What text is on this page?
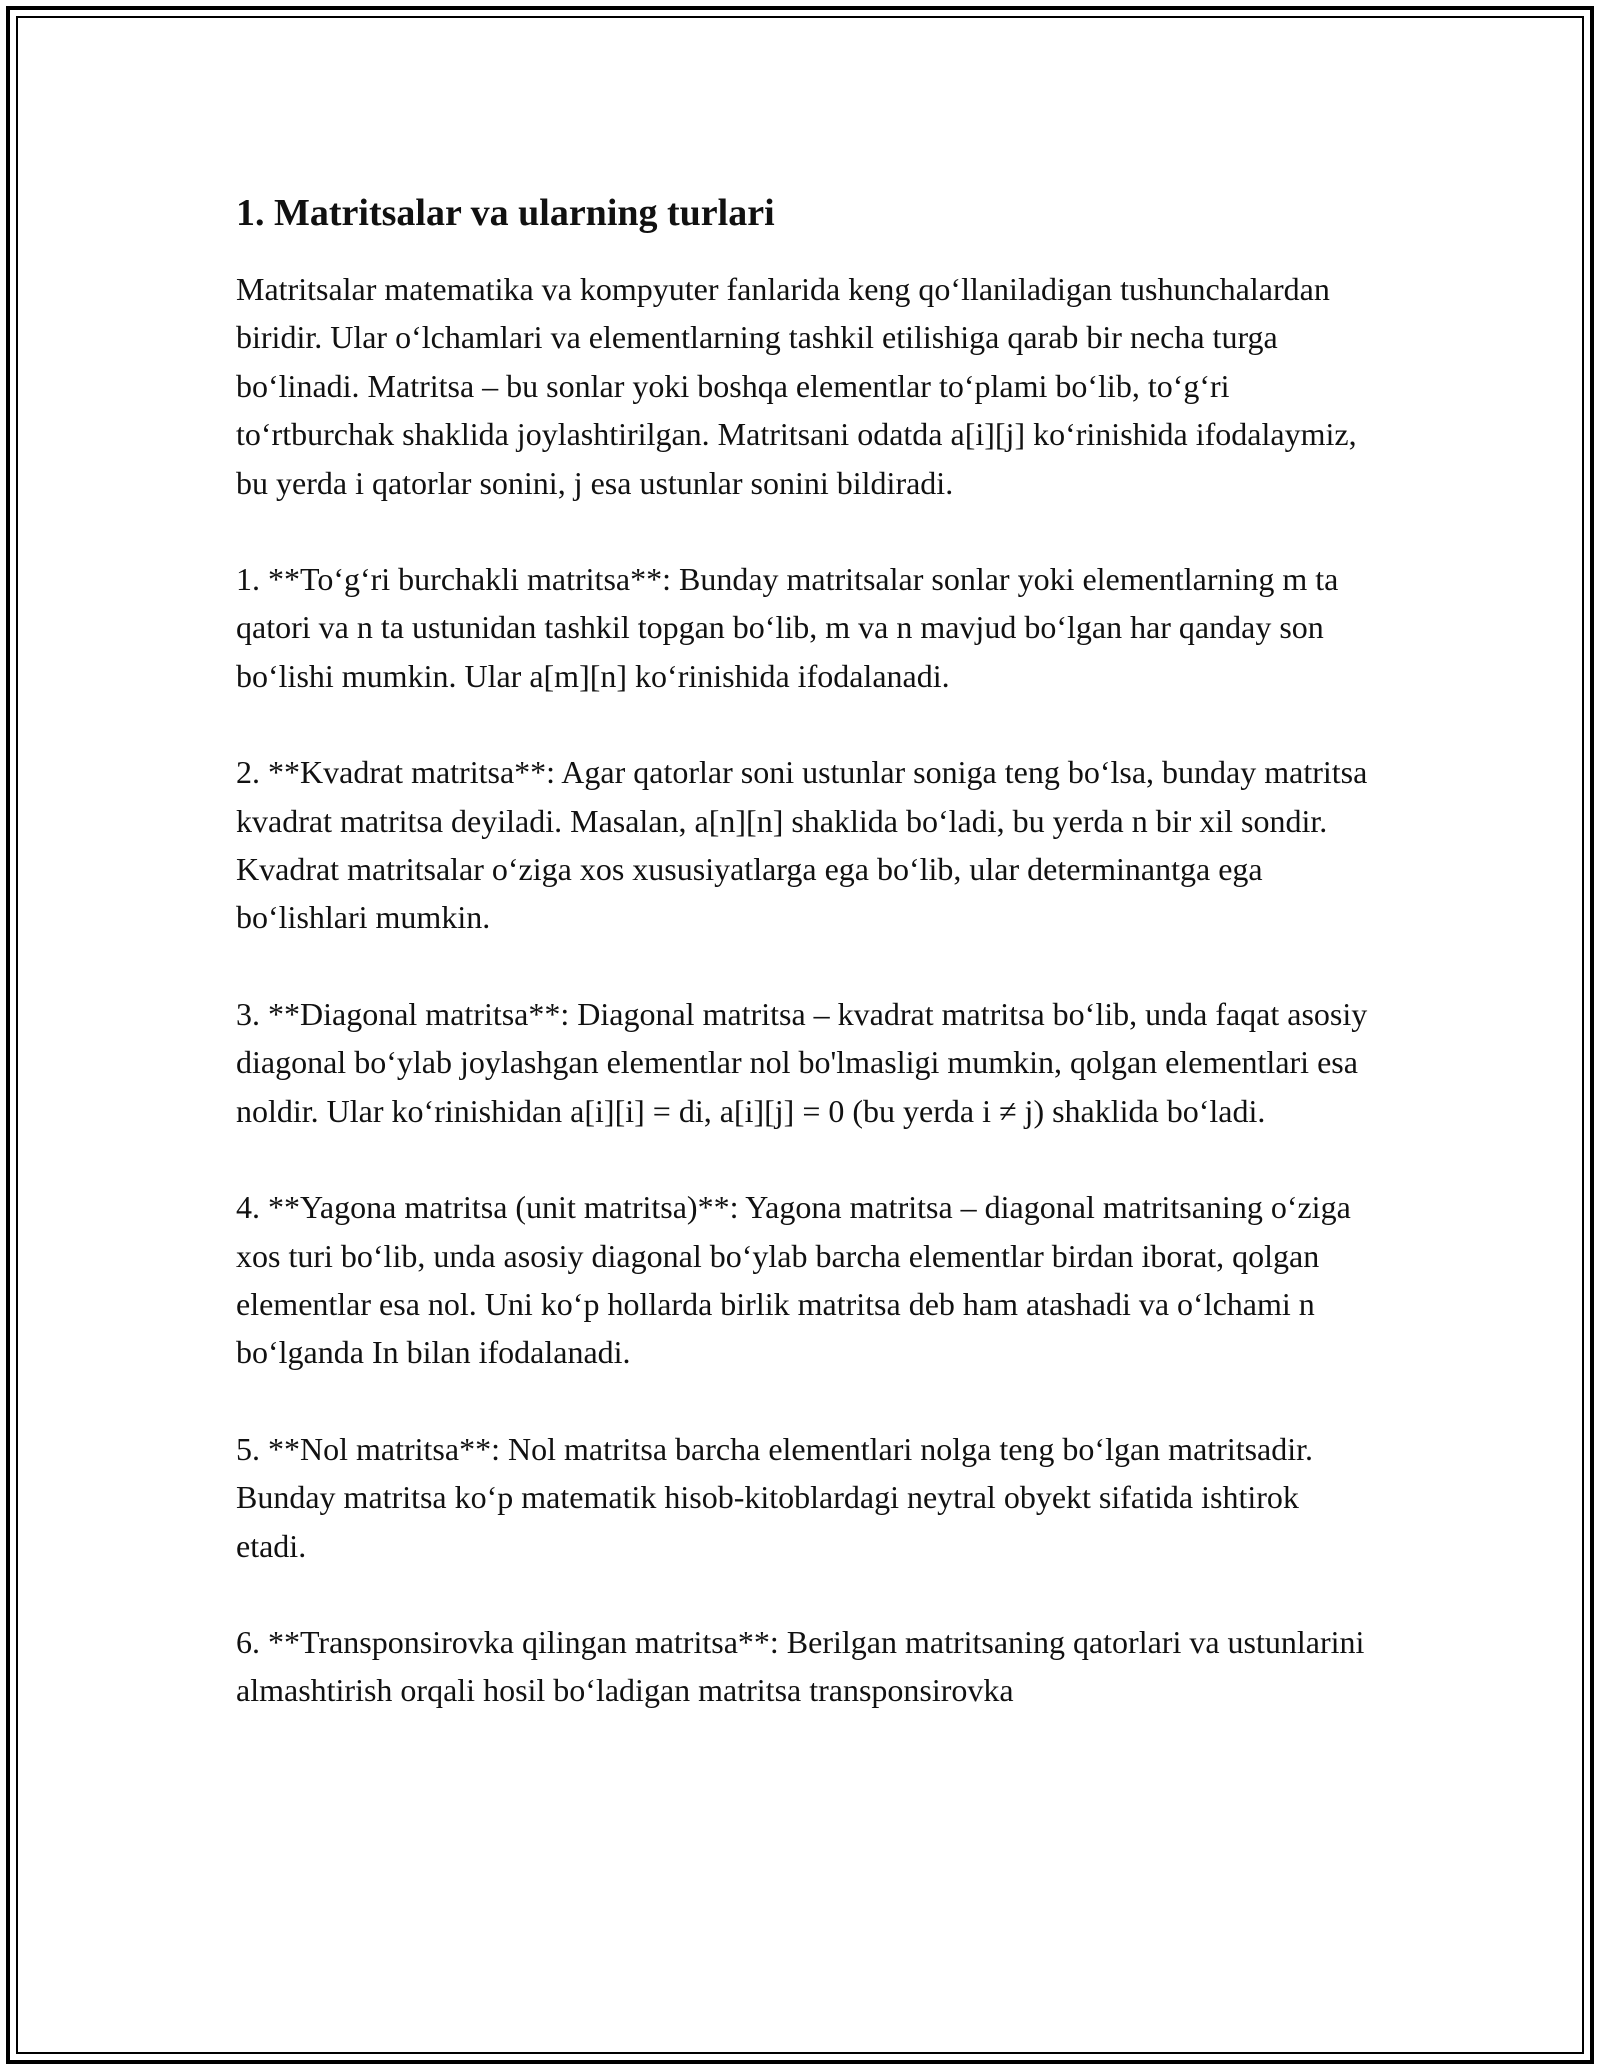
1. Matritsalar va ularning turlari

Matritsalar matematika va kompyuter fanlarida keng qo‘llaniladigan tushunchalardan biridir. Ular o‘lchamlari va elementlarning tashkil etilishiga qarab bir necha turga bo‘linadi. Matritsa – bu sonlar yoki boshqa elementlar to‘plami bo‘lib, to‘g‘ri to‘rtburchak shaklida joylashtirilgan. Matritsani odatda a[i][j] ko‘rinishida ifodalaymiz, bu yerda i qatorlar sonini, j esa ustunlar sonini bildiradi.

1. **To‘g‘ri burchakli matritsa**: Bunday matritsalar sonlar yoki elementlarning m ta qatori va n ta ustunidan tashkil topgan bo‘lib, m va n mavjud bo‘lgan har qanday son bo‘lishi mumkin. Ular a[m][n] ko‘rinishida ifodalanadi.

2. **Kvadrat matritsa**: Agar qatorlar soni ustunlar soniga teng bo‘lsa, bunday matritsa kvadrat matritsa deyiladi. Masalan, a[n][n] shaklida bo‘ladi, bu yerda n bir xil sondir. Kvadrat matritsalar o‘ziga xos xususiyatlarga ega bo‘lib, ular determinantga ega bo‘lishlari mumkin.

3. **Diagonal matritsa**: Diagonal matritsa – kvadrat matritsa bo‘lib, unda faqat asosiy diagonal bo‘ylab joylashgan elementlar nol bo'lmasligi mumkin, qolgan elementlari esa noldir. Ular ko‘rinishidan a[i][i] = di, a[i][j] = 0 (bu yerda i ≠ j) shaklida bo‘ladi.

4. **Yagona matritsa (unit matritsa)**: Yagona matritsa – diagonal matritsaning o‘ziga xos turi bo‘lib, unda asosiy diagonal bo‘ylab barcha elementlar birdan iborat, qolgan elementlar esa nol. Uni ko‘p hollarda birlik matritsa deb ham atashadi va o‘lchami n bo‘lganda In bilan ifodalanadi.

5. **Nol matritsa**: Nol matritsa barcha elementlari nolga teng bo‘lgan matritsadir. Bunday matritsa ko‘p matematik hisob-kitoblardagi neytral obyekt sifatida ishtirok etadi.

6. **Transponsirovka qilingan matritsa**: Berilgan matritsaning qatorlari va ustunlarini almashtirish orqali hosil bo‘ladigan matritsa transponsirovka
